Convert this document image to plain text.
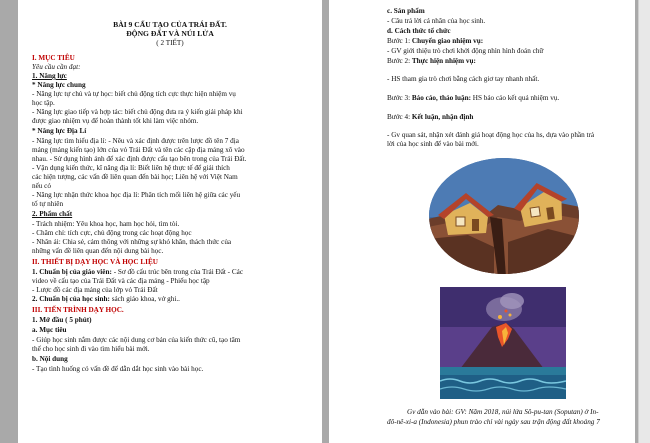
BÀI 9 CẤU TẠO CỦA TRÁI ĐẤT.
ĐỘNG ĐẤT VÀ NÚI LỬA
( 2 TIẾT)
I. MỤC TIÊU
Yêu cầu cần đạt:
1. Năng lực
* Năng lực chung
- Năng lực tự chủ và tự học: biết chủ động tích cực thực hiện nhiệm vụ
học tập.
- Năng lực giao tiếp và hợp tác: biết chủ động đưa ra ý kiến giải pháp khi
được giao nhiệm vụ để hoàn thành tốt khi làm việc nhóm.
* Năng lực Địa Lí
- Năng lực tìm hiểu địa lí: - Nêu và xác định được trên lược đồ tên 7 địa
mảng (mảng kiến tạo) lớn của vỏ Trái Đất và tên các cặp địa mảng xô vào
nhau. - Sử dụng hình ảnh để xác định được cấu tạo bên trong của Trái Đất.
- Vận dụng kiến thức, kĩ năng địa lí: Biết liên hệ thực tế để giải thích
các hiện tượng, các vấn đề liên quan đến bài học; Liên hệ với Việt Nam
nếu có
- Năng lực nhận thức khoa học địa lí: Phân tích mối liên hệ giữa các yếu
tố tự nhiên
2. Phẩm chất
- Trách nhiệm: Yêu khoa học, ham học hỏi, tìm tòi.
- Chăm chỉ: tích cực, chủ động trong các hoạt động học
- Nhân ái: Chia sẻ, cảm thông với những sự khó khăn, thách thức của
những vấn đề liên quan đến nội dung bài học.
II. THIẾT BỊ DẠY HỌC VÀ HỌC LIỆU
1. Chuẩn bị của giáo viên: - Sơ đồ cấu trúc bên trong của Trái Đất - Các
video về cấu tạo của Trái Đất và các địa mảng - Phiếu học tập
- Lược đồ các địa mảng của lớp vỏ Trái Đất
2. Chuẩn bị của học sinh: sách giáo khoa, vở ghi..
III. TIẾN TRÌNH DẠY HỌC.
1. Mở đầu ( 5 phút)
a. Mục tiêu
- Giúp học sinh nắm được các nội dung cơ bản của kiến thức cũ, tạo tâm
thế cho học sinh đi vào tìm hiểu bài mới.
b. Nội dung
- Tạo tình huống có vấn đề để dẫn dắt học sinh vào bài học.
c. Sản phẩm
- Câu trả lời cá nhân của học sinh.
d. Cách thức tổ chức
Bước 1: Chuyển giao nhiệm vụ:
- GV giới thiệu trò chơi khởi động nhìn hình đoán chữ
Bước 2: Thực hiện nhiệm vụ:
- HS tham gia trò chơi bằng cách giơ tay nhanh nhất.
Bước 3: Báo cáo, thảo luận: HS báo cáo kết quả nhiệm vụ.
Bước 4: Kết luận, nhận định
- Gv quan sát, nhận xét đánh giá hoạt động học của hs, dựa vào phần trả
lời của học sinh để vào bài mới.
Gv dẫn vào bài: GV: Năm 2018, núi lửa Sô-pu-tan (Soputan) ở In-
đô-nê-xi-a (Indonesia) phun trào chỉ vài ngày sau trận động đất khoảng 7
